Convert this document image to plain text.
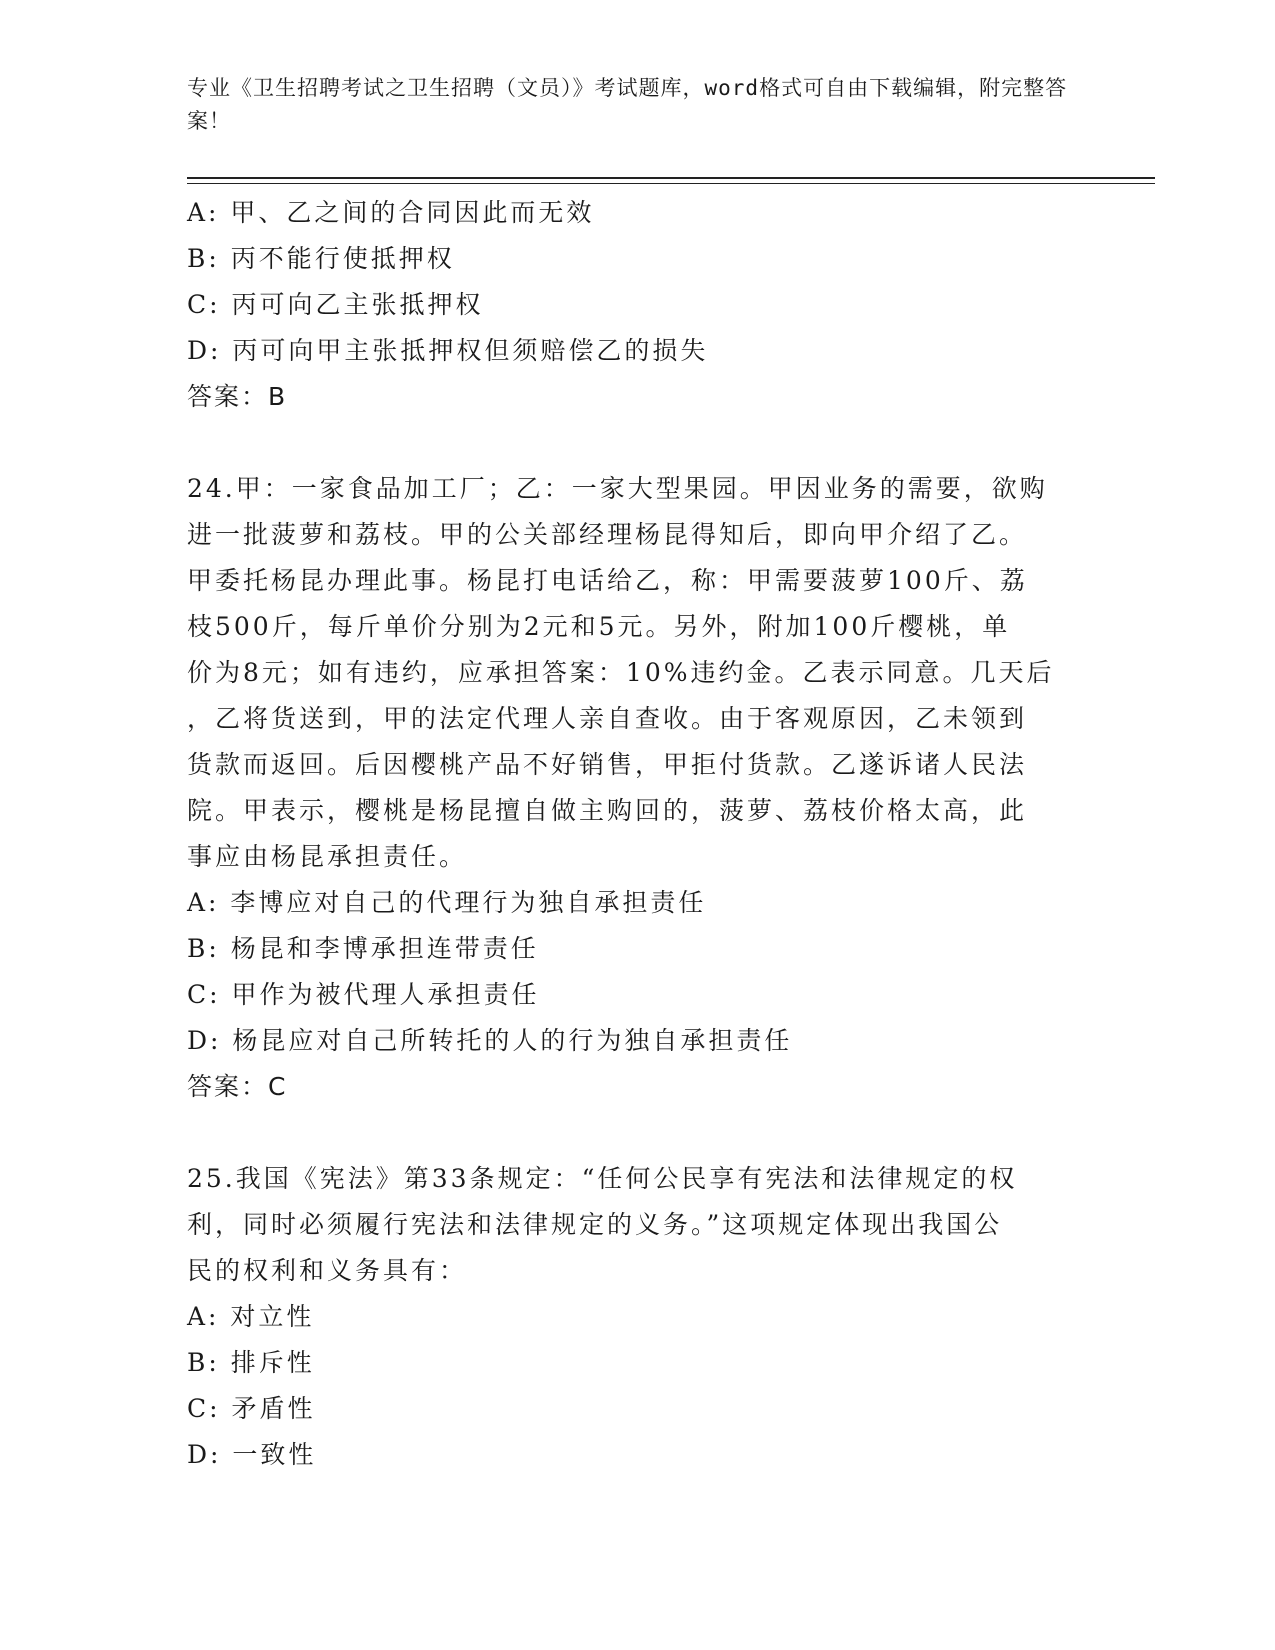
专业《卫生招聘考试之卫生招聘（文员）》考试题库，word格式可自由下载编辑，附完整答案！
A: 甲、乙之间的合同因此而无效
B: 丙不能行使抵押权
C: 丙可向乙主张抵押权
D: 丙可向甲主张抵押权但须赔偿乙的损失
答案：B
24.甲：一家食品加工厂；乙：一家大型果园。甲因业务的需要，欲购
进一批菠萝和荔枝。甲的公关部经理杨昆得知后，即向甲介绍了乙。
甲委托杨昆办理此事。杨昆打电话给乙，称：甲需要菠萝100斤、荔
枝500斤，每斤单价分别为2元和5元。另外，附加100斤樱桃，单
价为8元；如有违约，应承担答案：10%违约金。乙表示同意。几天后
，乙将货送到，甲的法定代理人亲自查收。由于客观原因，乙未领到
货款而返回。后因樱桃产品不好销售，甲拒付货款。乙遂诉诸人民法
院。甲表示，樱桃是杨昆擅自做主购回的，菠萝、荔枝价格太高，此
事应由杨昆承担责任。
A: 李博应对自己的代理行为独自承担责任
B: 杨昆和李博承担连带责任
C: 甲作为被代理人承担责任
D: 杨昆应对自己所转托的人的行为独自承担责任
答案：C
25.我国《宪法》第33条规定：“任何公民享有宪法和法律规定的权
利，同时必须履行宪法和法律规定的义务。”这项规定体现出我国公
民的权利和义务具有：
A: 对立性
B: 排斥性
C: 矛盾性
D: 一致性
